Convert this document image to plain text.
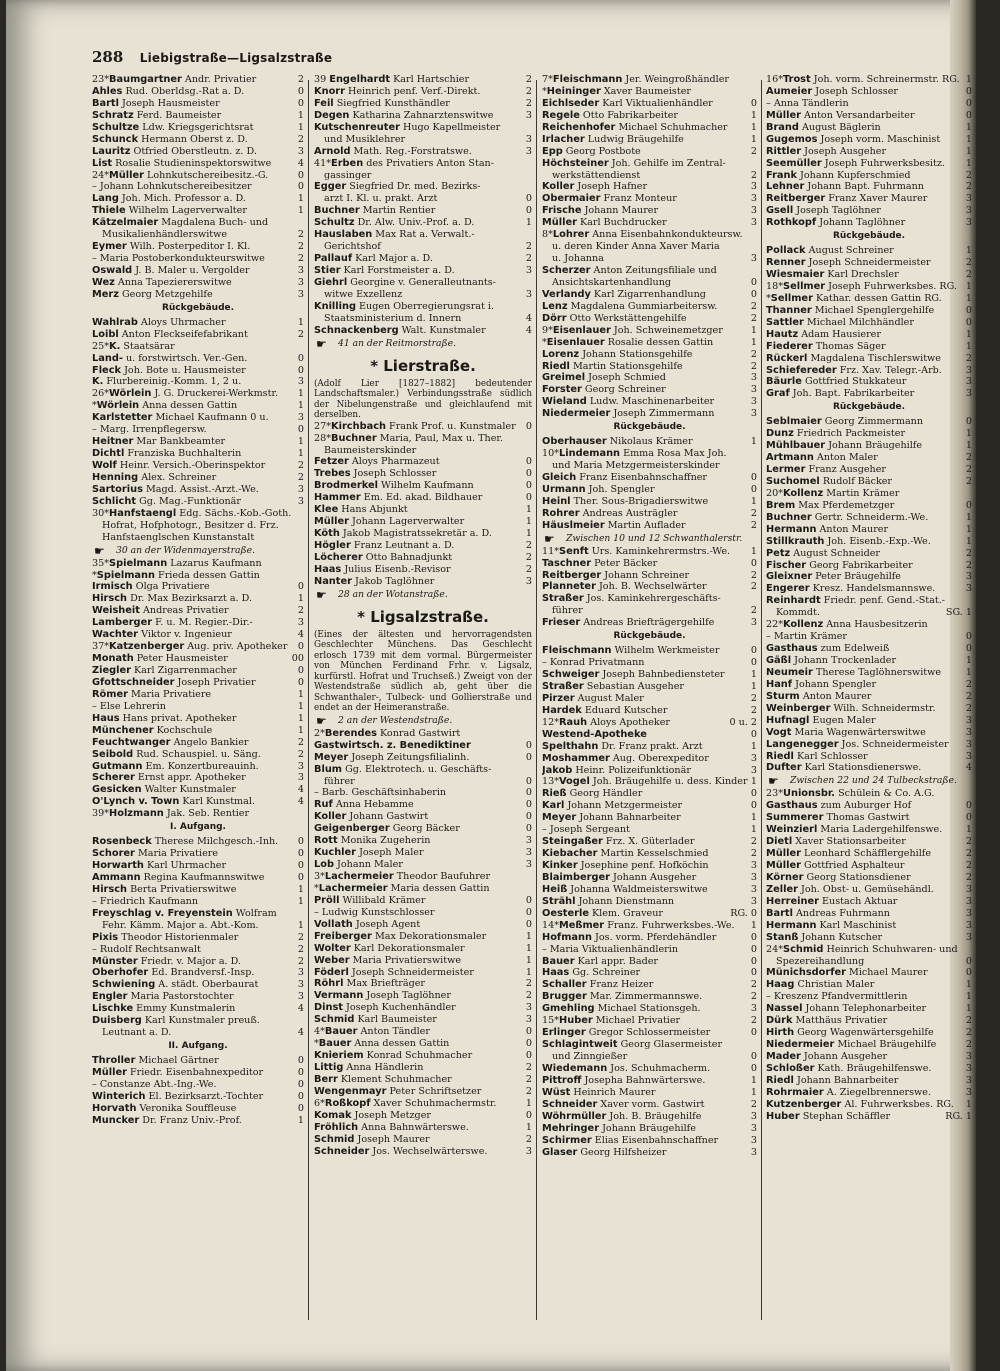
288 Liebigstraße—Ligsalzstraße
2
23*Baumgartner Andr. Privatier
0
Ahles Rud. Oberldsg.-Rat a. D.
0
Bartl Joseph Hausmeister
1
Schratz Ferd. Baumeister
1
Schultze Ldw. Kriegsgerichtsrat
2
Schunck Hermann Oberst z. D.
3
Lauritz Otfried Oberstleutn. z. D.
4
List Rosalie Studieninspektorswitwe
0
24*Müller Lohnkutschereibesitz.-G.
0
– Johann Lohnkutschereibesitzer
1
Lang Joh. Mich. Professor a. D.
1
Thiele Wilhelm Lagerverwalter
Kätzelmaier Magdalena Buch- und
2
Musikalienhändlerswitwe
2
Eymer Wilh. Posterpeditor I. Kl.
2
– Maria Postoberkondukteurswitwe
3
Oswald J. B. Maler u. Vergolder
3
Wez Anna Tapeziererswitwe
3
Merz Georg Metzgehilfe
Rückgebäude.
1
Wahlrab Aloys Uhrmacher
2
Loibl Anton Fleckseifefabrikant
25*K. Staatsärar
0
Land- u. forstwirtsch. Ver.-Gen.
0
Fleck Joh. Bote u. Hausmeister
3
K. Flurbereinig.-Komm. 1, 2 u.
1
26*Wörlein J. G. Druckerei-Werkmstr.
1
*Wörlein Anna dessen Gattin
3
Karlstetter Michael Kaufmann 0 u.
0
– Marg. Irrenpflegersw.
1
Heitner Mar Bankbeamter
1
Dichtl Franziska Buchhalterin
2
Wolf Heinr. Versich.-Oberinspektor
2
Henning Alex. Schreiner
3
Sartorius Magd. Assist.-Arzt.-We.
3
Schlicht Gg. Mag.-Funktionär
30*Hanfstaengl Edg. Sächs.-Kob.-Goth.
Hofrat, Hofphotogr., Besitzer d. Frz.
Hanfstaenglschen Kunstanstalt
☛ 30 an der Widenmayerstraße.
35*Spielmann Lazarus Kaufmann
*Spielmann Frieda dessen Gattin
0
Irmisch Olga Privatiere
1
Hirsch Dr. Max Bezirksarzt a. D.
2
Weisheit Andreas Privatier
3
Lamberger F. u. M. Regier.-Dir.-
4
Wachter Viktor v. Ingenieur
0
37*Katzenberger Aug. priv. Apotheker
00
Monath Peter Hausmeister
0
Ziegler Karl Zigarrenmacher
0
Gfottschneider Joseph Privatier
1
Römer Maria Privatiere
1
– Else Lehrerin
1
Haus Hans privat. Apotheker
1
Münchener Kochschule
2
Feuchtwanger Angelo Bankier
2
Seibold Rud. Schauspiel. u. Säng.
3
Gutmann Em. Konzertbureauinh.
3
Scherer Ernst appr. Apotheker
4
Gesicken Walter Kunstmaler
4
O'Lynch v. Town Karl Kunstmal.
39*Holzmann Jak. Seb. Rentier
I. Aufgang.
0
Rosenbeck Therese Milchgesch.-Inh.
0
Schorer Maria Privatiere
0
Horwarth Karl Uhrmacher
0
Ammann Regina Kaufmannswitwe
1
Hirsch Berta Privatierswitwe
1
– Friedrich Kaufmann
Freyschlag v. Freyenstein Wolfram
1
Fehr. Kämm. Major a. Abt.-Kom.
2
Pixis Theodor Historienmaler
2
– Rudolf Rechtsanwalt
2
Münster Friedr. v. Major a. D.
3
Oberhofer Ed. Brandversf.-Insp.
3
Schwiening A. städt. Oberbaurat
3
Engler Maria Pastorstochter
4
Lischke Emmy Kunstmalerin
Duisberg Karl Kunstmaler preuß.
4
Leutnant a. D.
II. Aufgang.
0
Throller Michael Gärtner
0
Müller Friedr. Eisenbahnexpeditor
0
– Constanze Abt.-Ing.-We.
0
Winterich El. Bezirksarzt.-Tochter
0
Horvath Veronika Souffleuse
1
Muncker Dr. Franz Univ.-Prof.
2
39 Engelhardt Karl Hartschier
2
Knorr Heinrich penf. Verf.-Direkt.
2
Feil Siegfried Kunsthändler
3
Degen Katharina Zahnarztenswitwe
Kutschenreuter Hugo Kapellmeister
3
und Musiklehrer
3
Arnold Math. Reg.-Forstratswe.
41*Erben des Privatiers Anton Stan-
gassinger
Egger Siegfried Dr. med. Bezirks-
0
arzt I. Kl. u. prakt. Arzt
0
Buchner Martin Rentier
1
Schultz Dr. Alw. Univ.-Prof. a. D.
Hauslaben Max Rat a. Verwalt.-
2
Gerichtshof
2
Pallauf Karl Major a. D.
3
Stier Karl Forstmeister a. D.
Giehrl Georgine v. Generalleutnants-
3
witwe Exzellenz
Knilling Eugen Oberregierungsrat i.
4
Staatsministerium d. Innern
4
Schnackenberg Walt. Kunstmaler
☛ 41 an der Reitmorstraße.
* Lierstraße.
(Adolf Lier [1827–1882] bedeutender Landschaftsmaler.) Verbindungsstraße südlich der Nibelungenstraße und gleichlaufend mit derselben.
0
27*Kirchbach Frank Prof. u. Kunstmaler
28*Buchner Maria, Paul, Max u. Ther.
Baumeisterskinder
0
Fetzer Aloys Pharmazeut
0
Trebes Joseph Schlosser
0
Brodmerkel Wilhelm Kaufmann
0
Hammer Em. Ed. akad. Bildhauer
1
Klee Hans Abjunkt
1
Müller Johann Lagerverwalter
1
Köth Jakob Magistratssekretär a. D.
2
Högler Franz Leutnant a. D.
2
Löcherer Otto Bahnadjunkt
2
Haas Julius Eisenb.-Revisor
3
Nanter Jakob Taglöhner
☛ 28 an der Wotanstraße.
* Ligsalzstraße.
(Eines der ältesten und hervorragendsten Geschlechter Münchens. Das Geschlecht erlosch 1739 mit dem vormal. Bürgermeister von München Ferdinand Frhr. v. Ligsalz, kurfürstl. Hofrat und Truchseß.) Zweigt von der Westendstraße südlich ab, geht über die Schwanthaler-, Tulbeck- und Gollierstraße und endet an der Heimeranstraße.
☛ 2 an der Westendstraße.
2*Berendes Konrad Gastwirt
0
Gastwirtsch. z. Benediktiner
0
Meyer Joseph Zeitungsfilialinh.
Blum Gg. Elektrotech. u. Geschäfts-
0
führer
0
– Barb. Geschäftsinhaberin
0
Ruf Anna Hebamme
0
Koller Johann Gastwirt
0
Geigenberger Georg Bäcker
3
Rott Monika Zugeherin
3
Kuchler Joseph Maler
3
Lob Johann Maler
3*Lachermeier Theodor Baufuhrer
*Lachermeier Maria dessen Gattin
0
Pröll Willibald Krämer
0
– Ludwig Kunstschlosser
0
Vollath Joseph Agent
1
Freiberger Max Dekorationsmaler
1
Wolter Karl Dekorationsmaler
1
Weber Maria Privatierswitwe
1
Föderl Joseph Schneidermeister
2
Röhrl Max Briefträger
2
Vermann Joseph Taglöhner
3
Dinst Joseph Kuchenhändler
3
Schmid Karl Baumeister
0
4*Bauer Anton Tändler
0
*Bauer Anna dessen Gattin
0
Knieriem Konrad Schuhmacher
2
Littig Anna Händlerin
2
Berr Klement Schuhmacher
2
Wengenmayr Peter Schriftsetzer
1
6*Roßkopf Xaver Schuhmachermstr.
0
Komak Joseph Metzger
1
Fröhlich Anna Bahnwärterswe.
2
Schmid Joseph Maurer
3
Schneider Jos. Wechselwärterswe.
7*Fleischmann Jer. Weingroßhändler
*Heininger Xaver Baumeister
0
Eichlseder Karl Viktualienhändler
1
Regele Otto Fabrikarbeiter
1
Reichenhofer Michael Schuhmacher
1
Irlacher Ludwig Bräugehilfe
2
Epp Georg Postbote
Höchsteiner Joh. Gehilfe im Zentral-
2
werkstättendienst
3
Koller Joseph Hafner
3
Obermaier Franz Monteur
3
Frische Johann Maurer
3
Müller Karl Buchdrucker
8*Lohrer Anna Eisenbahnkondukteursw.
u. deren Kinder Anna Xaver Maria
3
u. Johanna
Scherzer Anton Zeitungsfiliale und
0
Ansichtskartenhandlung
0
Verlandy Karl Zigarrenhandlung
2
Lenz Magdalena Gummiarbeitersw.
2
Dörr Otto Werkstättengehilfe
1
9*Eisenlauer Joh. Schweinemetzger
1
*Eisenlauer Rosalie dessen Gattin
2
Lorenz Johann Stationsgehilfe
2
Riedl Martin Stationsgehilfe
3
Greimel Joseph Schmied
3
Forster Georg Schreiner
3
Wieland Ludw. Maschinenarbeiter
3
Niedermeier Joseph Zimmermann
Rückgebäude.
1
Oberhauser Nikolaus Krämer
10*Lindemann Emma Rosa Max Joh.
und Maria Metzgermeisterskinder
0
Gleich Franz Eisenbahnschaffner
0
Urmann Joh. Spengler
1
Heinl Ther. Sous-Brigadierswitwe
2
Rohrer Andreas Austrägler
2
Häuslmeier Martin Auflader
☛ Zwischen 10 und 12 Schwanthalerstr.
1
11*Senft Urs. Kaminkehrermstrs.-We.
0
Taschner Peter Bäcker
2
Reitberger Johann Schreiner
2
Planneter Joh. B. Wechselwärter
Straßer Jos. Kaminkehrergeschäfts-
2
führer
3
Frieser Andreas Briefträgergehilfe
Rückgebäude.
0
Fleischmann Wilhelm Werkmeister
0
– Konrad Privatmann
1
Schweiger Joseph Bahnbediensteter
1
Straßer Sebastian Ausgeher
2
Pirzer August Maler
2
Hardek Eduard Kutscher
0 u. 2
12*Rauh Aloys Apotheker
0
Westend-Apotheke
1
Spelthahn Dr. Franz prakt. Arzt
3
Moshammer Aug. Oberexpeditor
3
Jakob Heinr. Polizeifunktionär
1
13*Vogel Joh. Bräugehilfe u. dess. Kinder
0
Rieß Georg Händler
0
Karl Johann Metzgermeister
1
Meyer Johann Bahnarbeiter
1
– Joseph Sergeant
2
Steingaßer Frz. X. Güterlader
2
Kiebacher Martin Kesselschmied
3
Kinker Josephine penf. Hofköchin
3
Blaimberger Johann Ausgeher
3
Heiß Johanna Waldmeisterswitwe
3
Strähl Johann Dienstmann
RG. 0
Oesterle Klem. Graveur
1
14*Meßmer Franz. Fuhrwerksbes.-We.
0
Hofmann Jos. vorm. Pferdehändler
0
– Maria Viktualienhändlerin
0
Bauer Karl appr. Bader
0
Haas Gg. Schreiner
2
Schaller Franz Heizer
2
Brugger Mar. Zimmermannswe.
3
Gmehling Michael Stationsgeh.
2
15*Huber Michael Privatier
0
Erlinger Gregor Schlossermeister
Schlagintweit Georg Glasermeister
0
und Zinngießer
0
Wiedemann Jos. Schuhmacherm.
1
Pittroff Josepha Bahnwärterswe.
1
Wüst Heinrich Maurer
2
Schneider Xaver vorm. Gastwirt
3
Wöhrmüller Joh. B. Bräugehilfe
3
Mehringer Johann Bräugehilfe
3
Schirmer Elias Eisenbahnschaffner
3
Glaser Georg Hilfsheizer
1
16*Trost Joh. vorm. Schreinermstr. RG.
0
Aumeier Joseph Schlosser
0
– Anna Tändlerin
0
Müller Anton Versandarbeiter
1
Brand August Bäglerin
1
Gugemos Joseph vorm. Maschinist
1
Rittler Joseph Ausgeher
1
Seemüller Joseph Fuhrwerksbesitz.
2
Frank Johann Kupferschmied
2
Lehner Johann Bapt. Fuhrmann
3
Reitberger Franz Xaver Maurer
3
Gsell Joseph Taglöhner
3
Rothkopf Johann Taglöhner
Rückgebäude.
1
Pollack August Schreiner
2
Renner Joseph Schneidermeister
2
Wiesmaier Karl Drechsler
1
18*Sellmer Joseph Fuhrwerksbes. RG.
1
*Sellmer Kathar. dessen Gattin RG.
0
Thanner Michael Spenglergehilfe
0
Sattler Michael Milchhändler
1
Hautz Adam Hausierer
1
Fiederer Thomas Säger
2
Rückerl Magdalena Tischlerswitwe
3
Schiefereder Frz. Xav. Telegr.-Arb.
3
Bäurle Gottfried Stukkateur
3
Graf Joh. Bapt. Fabrikarbeiter
Rückgebäude.
0
Seblmaier Georg Zimmermann
1
Dunz Friedrich Packmeister
1
Mühlbauer Johann Bräugehilfe
2
Artmann Anton Maler
2
Lermer Franz Ausgeher
2
Suchomel Rudolf Bäcker
20*Kollenz Martin Krämer
0
Brem Max Pferdemetzger
1
Buchner Gertr. Schneiderm.-We.
1
Hermann Anton Maurer
1
Stillkrauth Joh. Eisenb.-Exp.-We.
2
Petz August Schneider
2
Fischer Georg Fabrikarbeiter
3
Gleixner Peter Bräugehilfe
3
Engerer Kresz. Handelsmannswe.
Reinhardt Friedr. penf. Gend.-Stat.-
SG. 1
Kommdt.
22*Kollenz Anna Hausbesitzerin
0
– Martin Krämer
0
Gasthaus zum Edelweiß
1
Gäßl Johann Trockenlader
1
Neumeir Therese Taglöhnerswitwe
2
Hanf Johann Spengler
2
Sturm Anton Maurer
2
Weinberger Wilh. Schneidermstr.
3
Hufnagl Eugen Maler
3
Vogt Maria Wagenwärterswitwe
3
Langenegger Jos. Schneidermeister
3
Riedl Karl Schlosser
4
Dufter Karl Stationsdienerswe.
☛ Zwischen 22 und 24 Tulbeckstraße.
23*Unionsbr. Schülein & Co. A.G.
0
Gasthaus zum Auburger Hof
0
Summerer Thomas Gastwirt
1
Weinzierl Maria Ladergehilfenswe.
2
Dietl Xaver Stationsarbeiter
2
Müller Leonhard Schäfflergehilfe
2
Müller Gottfried Asphalteur
2
Körner Georg Stationsdiener
3
Zeller Joh. Obst- u. Gemüsehändl.
3
Herreiner Eustach Aktuar
3
Bartl Andreas Fuhrmann
3
Hermann Karl Maschinist
3
Stanß Johann Kutscher
24*Schmid Heinrich Schuhwaren- und
0
Spezereihandlung
0
Münichsdorfer Michael Maurer
1
Haag Christian Maler
1
– Kreszenz Pfandvermittlerin
1
Nassel Johann Telephonarbeiter
2
Dürk Matthäus Privatier
2
Hirth Georg Wagenwärtersgehilfe
2
Niedermeier Michael Bräugehilfe
3
Mader Johann Ausgeher
3
Schloßer Kath. Bräugehilfenswe.
3
Riedl Johann Bahnarbeiter
3
Rohrmaier A. Ziegelbrennerswe.
1
Kutzenberger Al. Fuhrwerksbes. RG.
RG. 1
Huber Stephan Schäffler
